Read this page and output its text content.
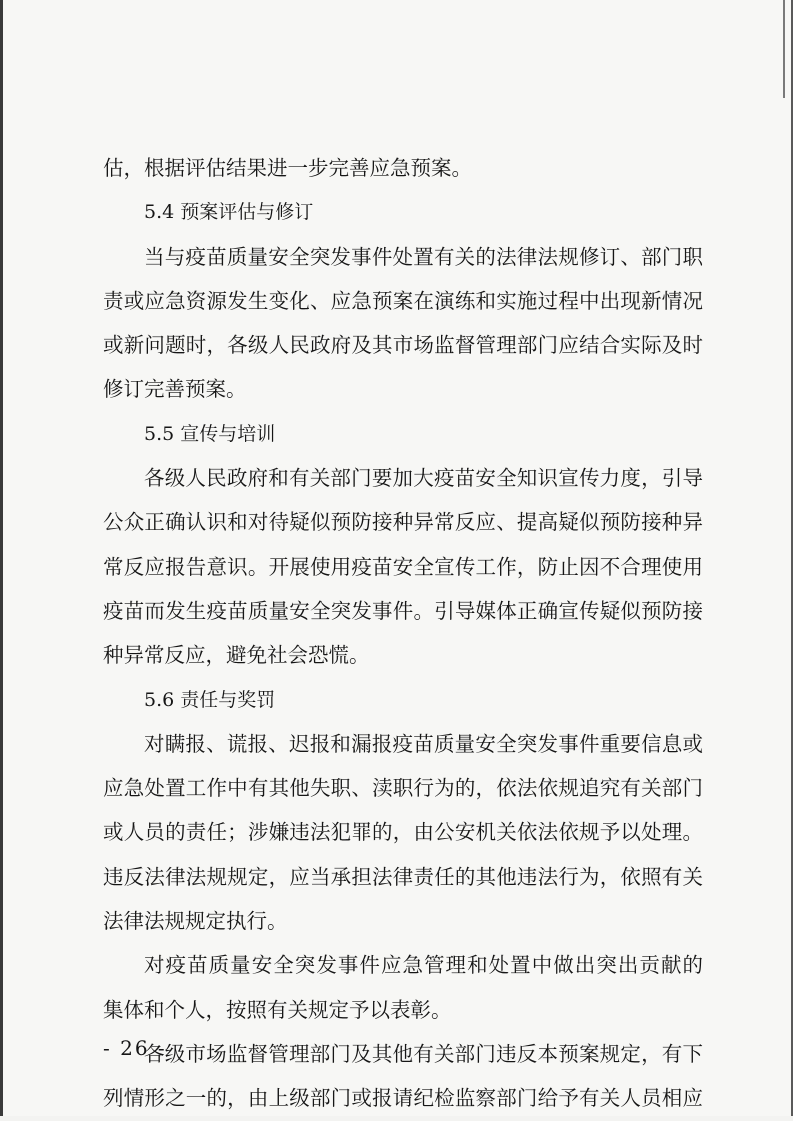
估，根据评估结果进一步完善应急预案。
5.4 预案评估与修订
当与疫苗质量安全突发事件处置有关的法律法规修订、部门职
责或应急资源发生变化、应急预案在演练和实施过程中出现新情况
或新问题时，各级人民政府及其市场监督管理部门应结合实际及时
修订完善预案。
5.5 宣传与培训
各级人民政府和有关部门要加大疫苗安全知识宣传力度，引导
公众正确认识和对待疑似预防接种异常反应、提高疑似预防接种异
常反应报告意识。开展使用疫苗安全宣传工作，防止因不合理使用
疫苗而发生疫苗质量安全突发事件。引导媒体正确宣传疑似预防接
种异常反应，避免社会恐慌。
5.6 责任与奖罚
对瞒报、谎报、迟报和漏报疫苗质量安全突发事件重要信息或
应急处置工作中有其他失职、渎职行为的，依法依规追究有关部门
或人员的责任；涉嫌违法犯罪的，由公安机关依法依规予以处理。
违反法律法规规定，应当承担法律责任的其他违法行为，依照有关
法律法规规定执行。
对疫苗质量安全突发事件应急管理和处置中做出突出贡献的
集体和个人，按照有关规定予以表彰。
各级市场监督管理部门及其他有关部门违反本预案规定，有下
列情形之一的，由上级部门或报请纪检监察部门给予有关人员相应
- 26 -
